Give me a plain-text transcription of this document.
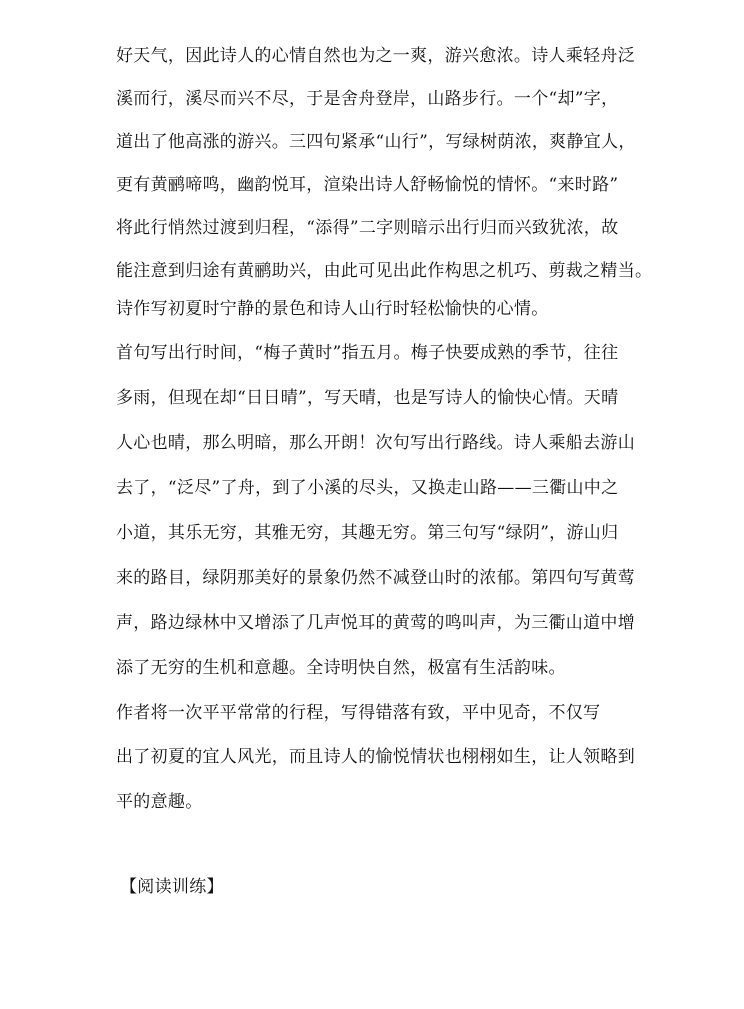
好天气，因此诗人的心情自然也为之一爽，游兴愈浓。诗人乘轻舟泛
溪而行，溪尽而兴不尽，于是舍舟登岸，山路步行。一个“却”字，
道出了他高涨的游兴。三四句紧承“山行”，写绿树荫浓，爽静宜人，
更有黄鹂啼鸣，幽韵悦耳，渲染出诗人舒畅愉悦的情怀。“来时路”
将此行悄然过渡到归程，“添得”二字则暗示出行归而兴致犹浓，故
能注意到归途有黄鹂助兴，由此可见出此作构思之机巧、剪裁之精当。
诗作写初夏时宁静的景色和诗人山行时轻松愉快的心情。
首句写出行时间，“梅子黄时”指五月。梅子快要成熟的季节，往往
多雨，但现在却“日日晴”，写天晴，也是写诗人的愉快心情。天晴
人心也晴，那么明暗，那么开朗！次句写出行路线。诗人乘船去游山
去了，“泛尽”了舟，到了小溪的尽头，又换走山路——三衢山中之
小道，其乐无穷，其雅无穷，其趣无穷。第三句写“绿阴”，游山归
来的路目，绿阴那美好的景象仍然不减登山时的浓郁。第四句写黄莺
声，路边绿林中又增添了几声悦耳的黄莺的鸣叫声，为三衢山道中增
添了无穷的生机和意趣。全诗明快自然，极富有生活韵味。
作者将一次平平常常的行程，写得错落有致，平中见奇，不仅写
出了初夏的宜人风光，而且诗人的愉悦情状也栩栩如生，让人领略到
平的意趣。
【阅读训练】
